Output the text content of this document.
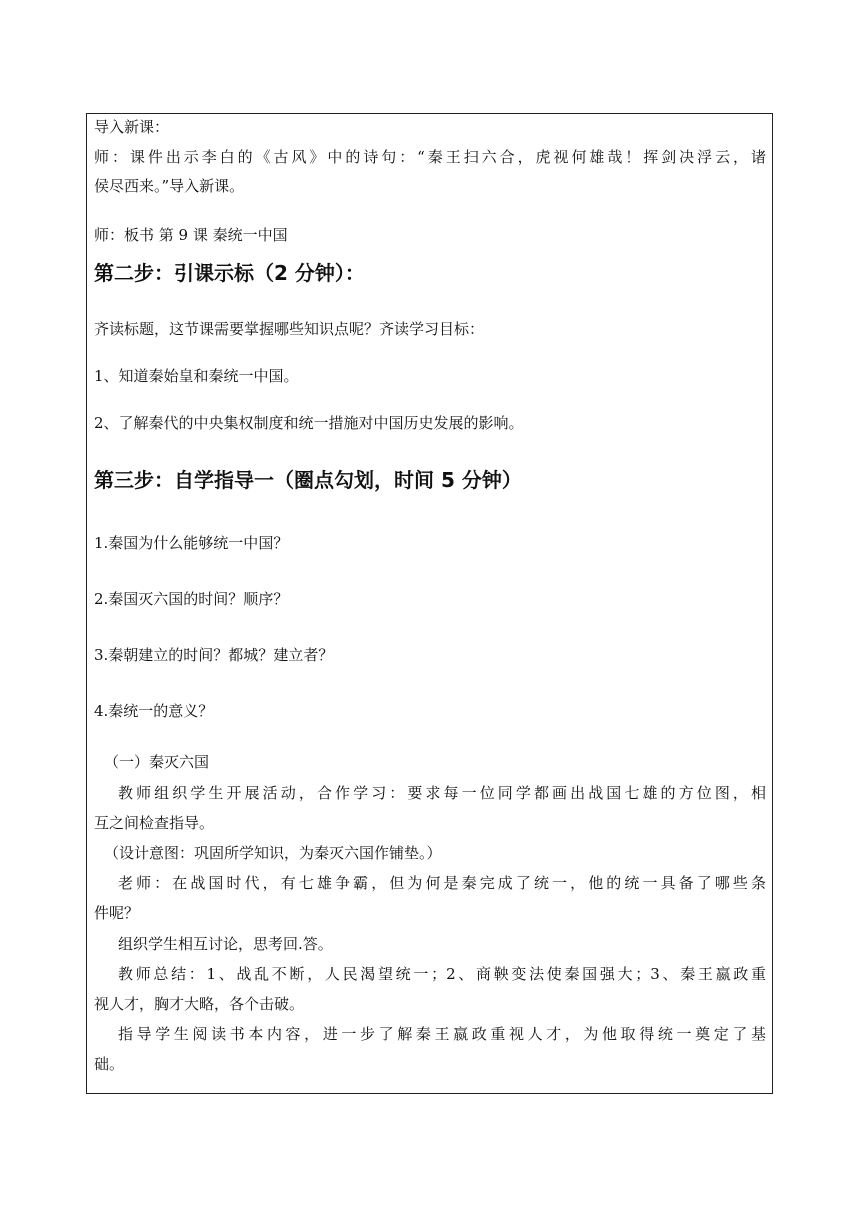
导入新课：
师：课件出示李白的《古风》中的诗句：“秦王扫六合，虎视何雄哉！挥剑决浮云，诸
侯尽西来。”导入新课。
师：板书 第 9 课 秦统一中国
第二步：引课示标（2 分钟）：
齐读标题，这节课需要掌握哪些知识点呢？齐读学习目标：
1、知道秦始皇和秦统一中国。
2、了解秦代的中央集权制度和统一措施对中国历史发展的影响。
第三步：自学指导一（圈点勾划，时间 5 分钟）
1.秦国为什么能够统一中国？
2.秦国灭六国的时间？顺序？
3.秦朝建立的时间？都城？建立者？
4.秦统一的意义？
（一）秦灭六国
教师组织学生开展活动，合作学习：要求每一位同学都画出战国七雄的方位图，相
互之间检查指导。
（设计意图：巩固所学知识，为秦灭六国作铺垫。）
老师：在战国时代，有七雄争霸，但为何是秦完成了统一，他的统一具备了哪些条
件呢？
组织学生相互讨论，思考回.答。
教师总结：1、战乱不断，人民渴望统一；2、商鞅变法使秦国强大；3、秦王嬴政重
视人才，胸才大略，各个击破。
指导学生阅读书本内容，进一步了解秦王嬴政重视人才，为他取得统一奠定了基
础。
